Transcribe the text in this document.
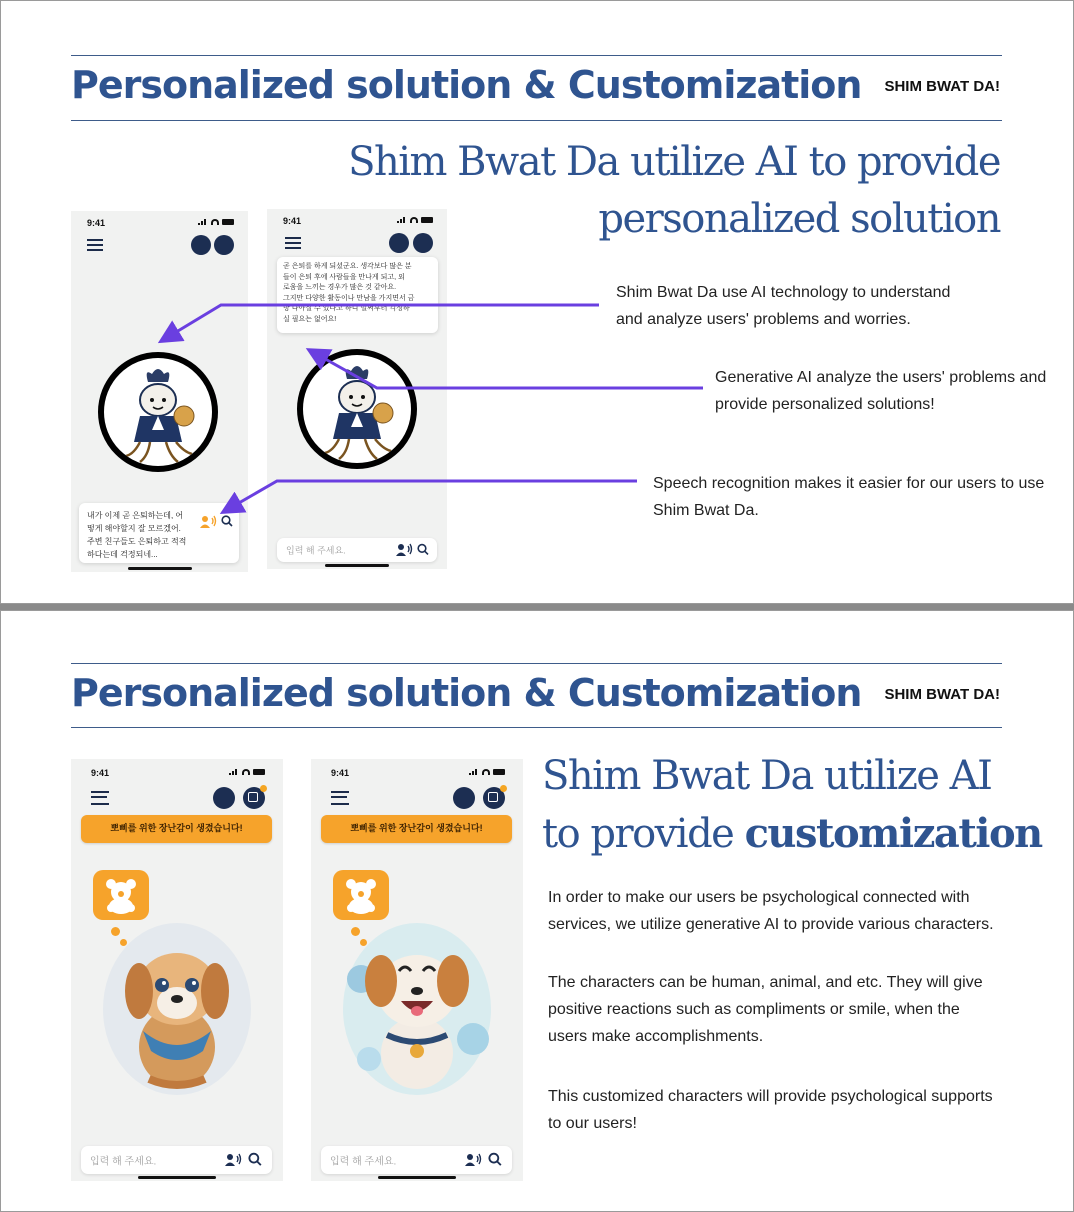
Personalized solution & Customization SHIM BWAT DA!
Shim Bwat Da utilize AI to provide
personalized solution
9:41
내가 이제 곧 은퇴하는데, 어
떻게 해야할지 잘 모르겠어.
주변 친구들도 은퇴하고 적적
하다는데 걱정되네...
9:41
곧 은퇴를 하게 되셨군요. 생각보다 많은 분
들이 은퇴 후에 사람들을 만나게 되고, 외
로움을 느끼는 경우가 많은 것 같아요.
그지만 다양한 활동이나 만남을 가지면서 금
방 나아질 수 있다고 하니 벌써부터 걱정하
실 필요는 없어요!
입력 해 주세요.
Shim Bwat Da use AI technology to understand
and analyze users' problems and worries.
Generative AI analyze the users' problems and
provide personalized solutions!
Speech recognition makes it easier for our users to use
Shim Bwat Da.
Personalized solution & Customization SHIM BWAT DA!
Shim Bwat Da utilize AI
to provide customization
In order to make our users be psychological connected with
services, we utilize generative AI to provide various characters.
The characters can be human, animal, and etc. They will give
positive reactions such as compliments or smile, when the
users make accomplishments.
This customized characters will provide psychological supports
to our users!
9:41
뽀삐를 위한 장난감이 생겼습니다!
입력 해 주세요.
9:41
뽀삐를 위한 장난감이 생겼습니다!
입력 해 주세요.
